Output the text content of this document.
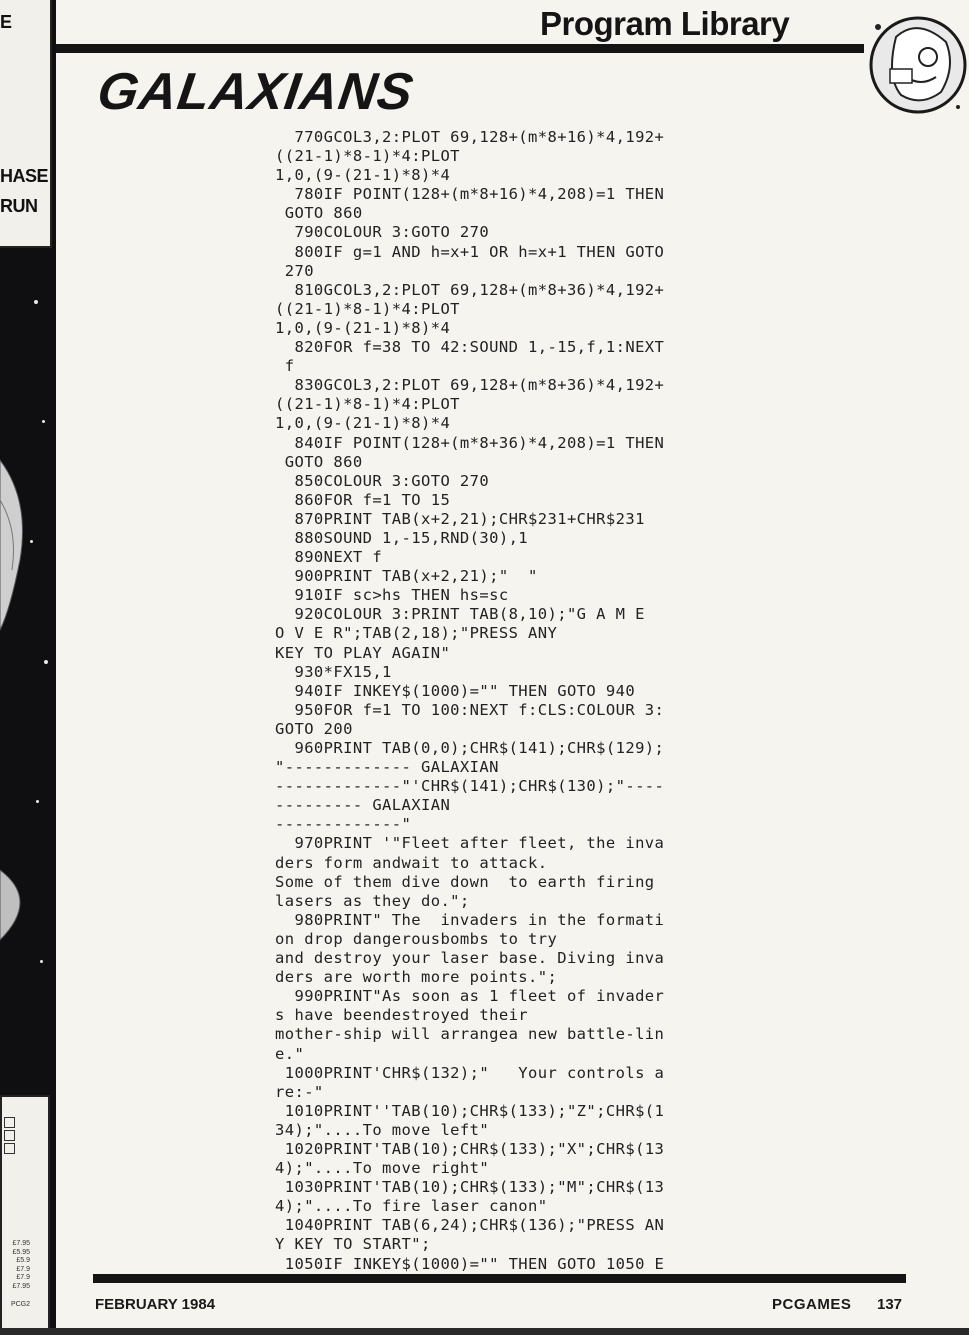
E
HASE
RUN
£7.95
£5.95
£5.9
£7.9
£7.9
£7.95
PCG2
Program Library
GALAXIANS
770GCOL3,2:PLOT 69,128+(m*8+16)*4,192+
((21-1)*8-1)*4:PLOT
1,0,(9-(21-1)*8)*4
780IF POINT(128+(m*8+16)*4,208)=1 THEN
GOTO 860
790COLOUR 3:GOTO 270
800IF g=1 AND h=x+1 OR h=x+1 THEN GOTO
270
810GCOL3,2:PLOT 69,128+(m*8+36)*4,192+
((21-1)*8-1)*4:PLOT
1,0,(9-(21-1)*8)*4
820FOR f=38 TO 42:SOUND 1,-15,f,1:NEXT
f
830GCOL3,2:PLOT 69,128+(m*8+36)*4,192+
((21-1)*8-1)*4:PLOT
1,0,(9-(21-1)*8)*4
840IF POINT(128+(m*8+36)*4,208)=1 THEN
GOTO 860
850COLOUR 3:GOTO 270
860FOR f=1 TO 15
870PRINT TAB(x+2,21);CHR$231+CHR$231
880SOUND 1,-15,RND(30),1
890NEXT f
900PRINT TAB(x+2,21);"  "
910IF sc>hs THEN hs=sc
920COLOUR 3:PRINT TAB(8,10);"G A M E
O V E R";TAB(2,18);"PRESS ANY
KEY TO PLAY AGAIN"
930*FX15,1
940IF INKEY$(1000)="" THEN GOTO 940
950FOR f=1 TO 100:NEXT f:CLS:COLOUR 3:
GOTO 200
960PRINT TAB(0,0);CHR$(141);CHR$(129);
"------------- GALAXIAN
-------------"'CHR$(141);CHR$(130);"----
--------- GALAXIAN
-------------"
970PRINT '"Fleet after fleet, the inva
ders form andwait to attack.
Some of them dive down  to earth firing
lasers as they do.";
980PRINT" The  invaders in the formati
on drop dangerousbombs to try
and destroy your laser base. Diving inva
ders are worth more points.";
990PRINT"As soon as 1 fleet of invader
s have beendestroyed their
mother-ship will arrangea new battle-lin
e."
1000PRINT'CHR$(132);"   Your controls a
re:-"
1010PRINT''TAB(10);CHR$(133);"Z";CHR$(1
34);"....To move left"
1020PRINT'TAB(10);CHR$(133);"X";CHR$(13
4);"....To move right"
1030PRINT'TAB(10);CHR$(133);"M";CHR$(13
4);"....To fire laser canon"
1040PRINT TAB(6,24);CHR$(136);"PRESS AN
Y KEY TO START";
1050IF INKEY$(1000)="" THEN GOTO 1050 E
FEBRUARY 1984	PCGAMES 137
